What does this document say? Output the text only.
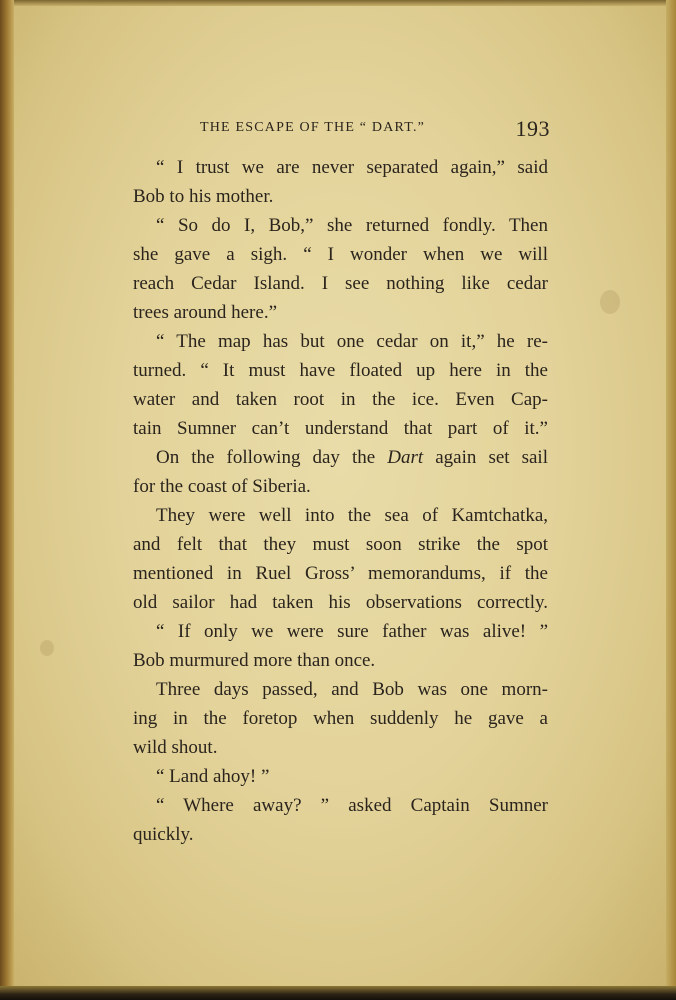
THE ESCAPE OF THE “ DART.”	193
“ I trust we are never separated again,” said
Bob to his mother.
“ So do I, Bob,” she returned fondly. Then
she gave a sigh. “ I wonder when we will
reach Cedar Island. I see nothing like cedar
trees around here.”
“ The map has but one cedar on it,” he re-
turned. “ It must have floated up here in the
water and taken root in the ice. Even Cap-
tain Sumner can’t understand that part of it.”
On the following day the Dart again set sail
for the coast of Siberia.
They were well into the sea of Kamtchatka,
and felt that they must soon strike the spot
mentioned in Ruel Gross’ memorandums, if the
old sailor had taken his observations correctly.
“ If only we were sure father was alive! ”
Bob murmured more than once.
Three days passed, and Bob was one morn-
ing in the foretop when suddenly he gave a
wild shout.
“ Land ahoy! ”
“ Where away? ” asked Captain Sumner
quickly.
